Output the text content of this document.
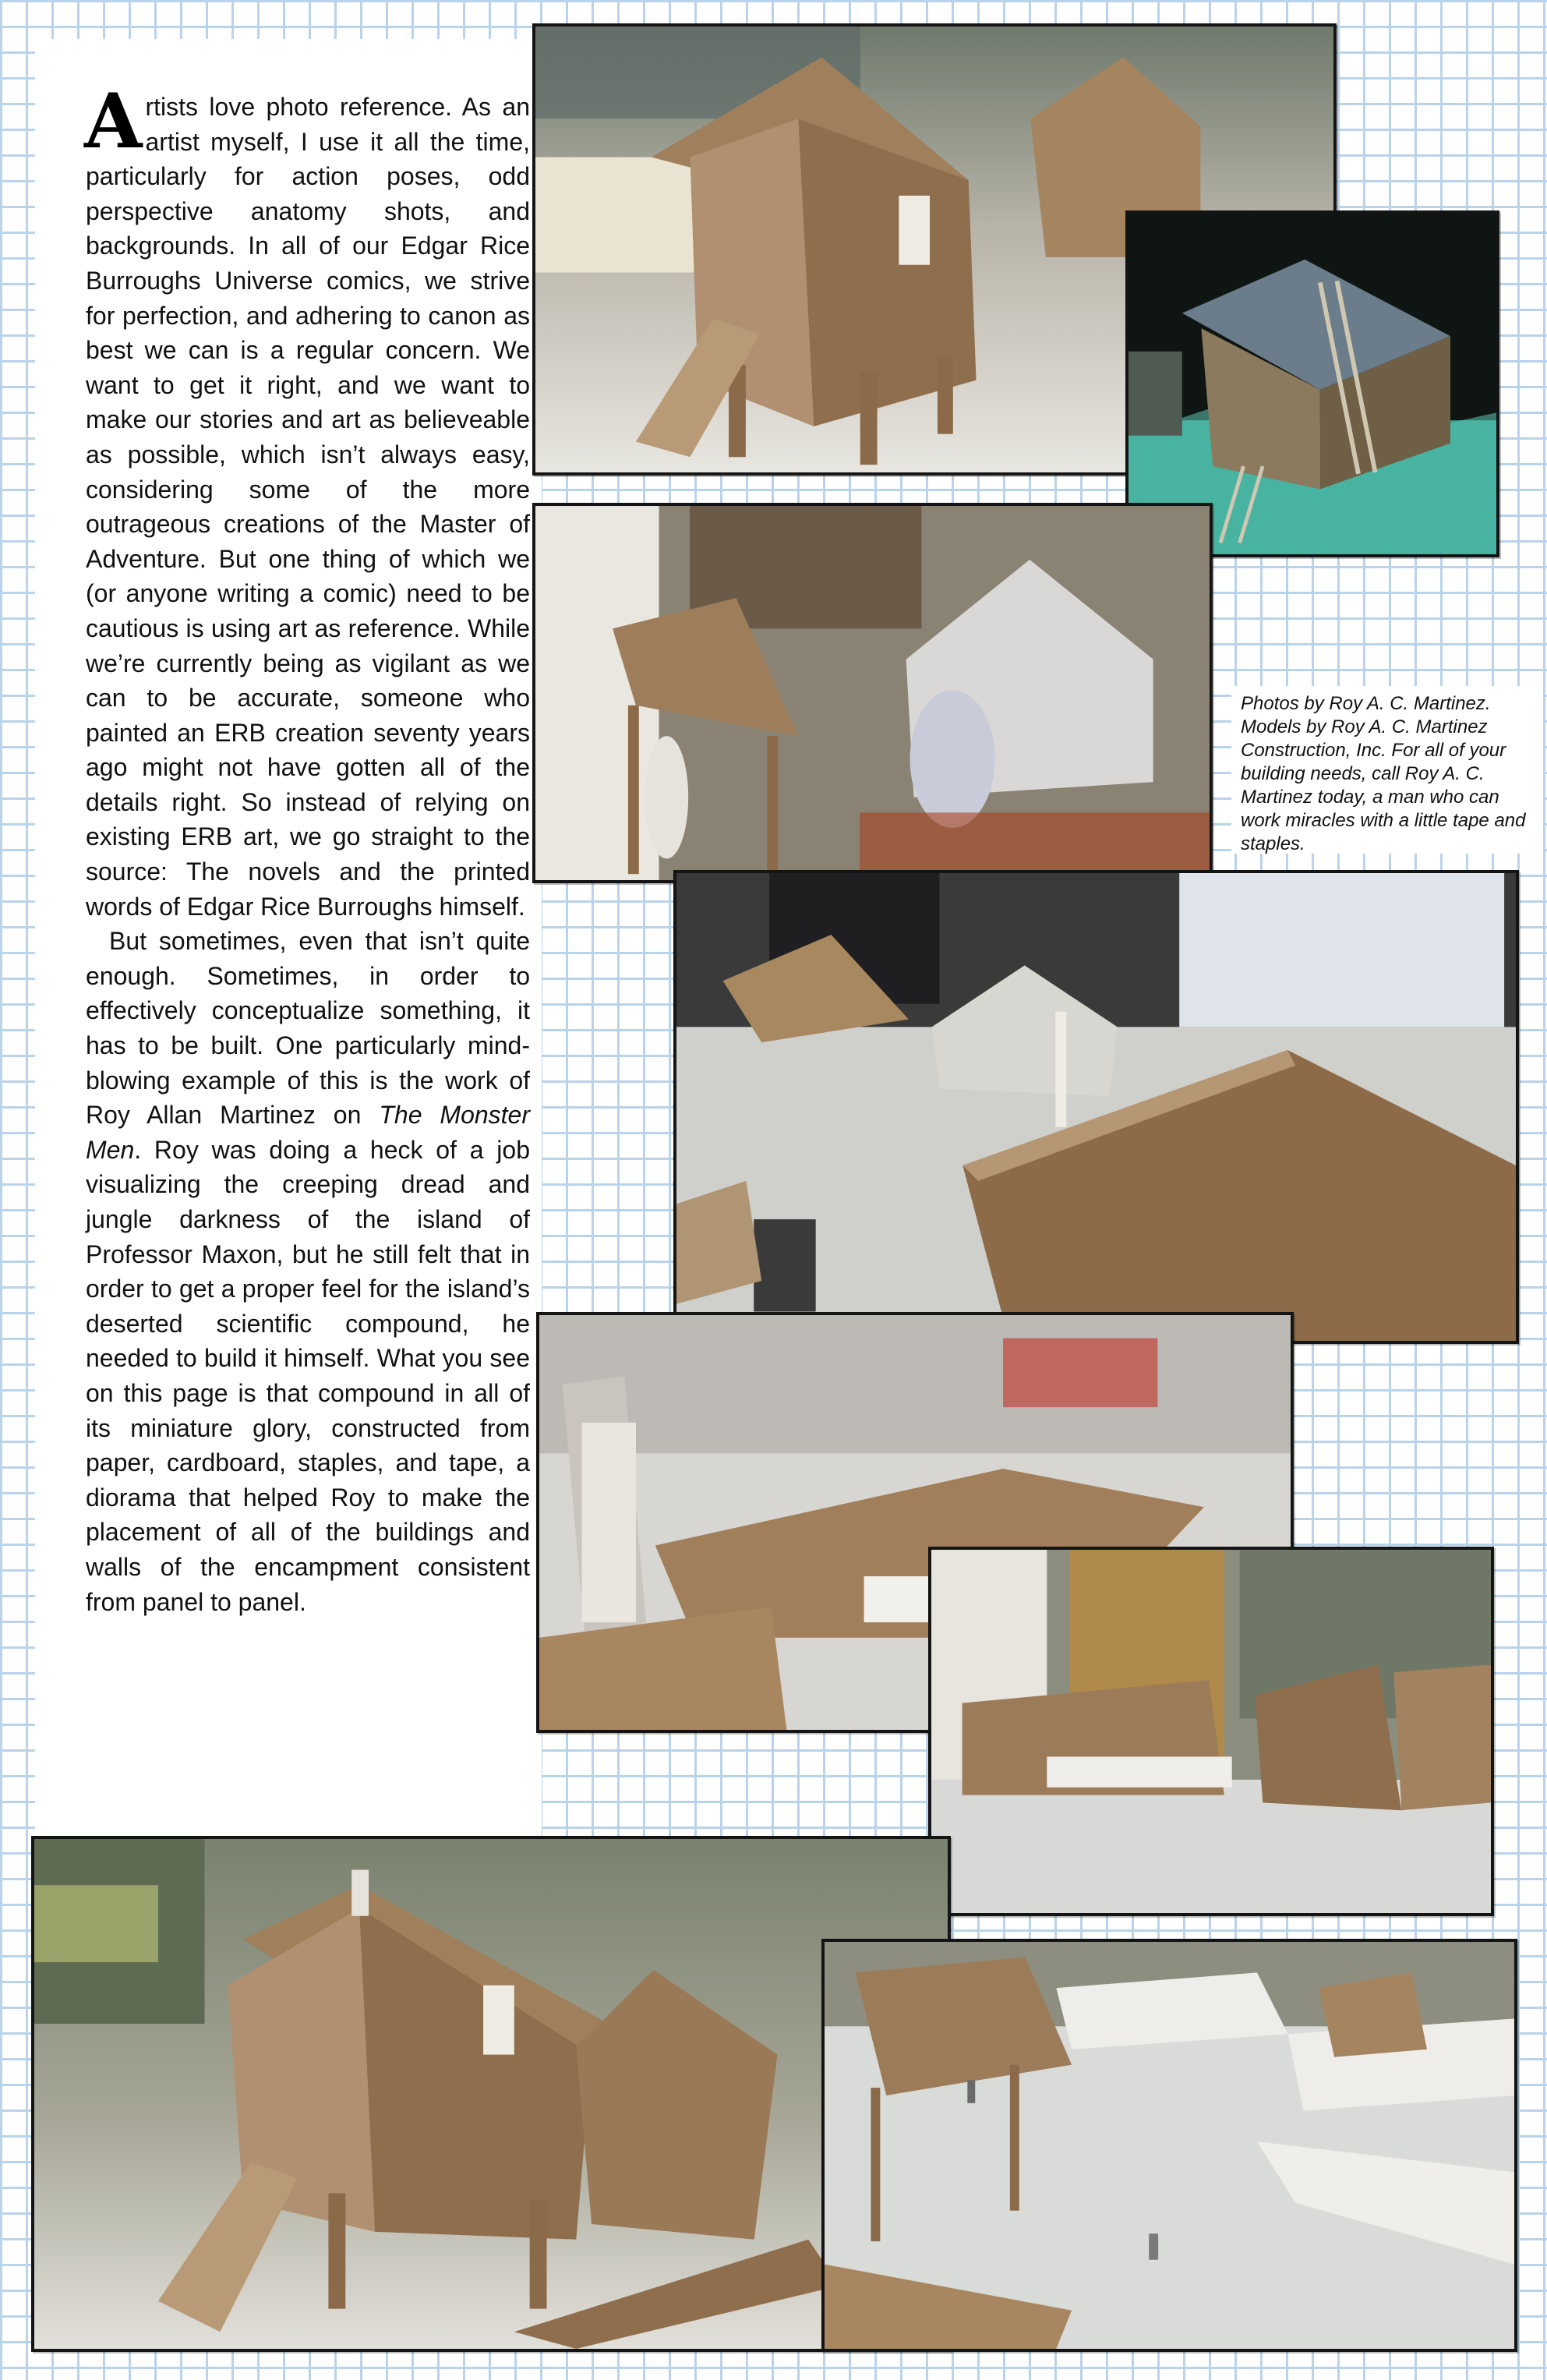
Artists love photo reference. As an artist myself, I use it all the time, particularly for action poses, odd perspective anatomy shots, and backgrounds. In all of our Edgar Rice Burroughs Universe comics, we strive for perfection, and adhering to canon as best we can is a regular concern. We want to get it right, and we want to make our stories and art as believeable as possible, which isn’t always easy, considering some of the more outrageous creations of the Master of Adventure. But one thing of which we (or anyone writing a comic) need to be cautious is using art as reference. While we’re currently being as vigilant as we can to be accurate, someone who painted an ERB creation seventy years ago might not have gotten all of the details right. So instead of relying on existing ERB art, we go straight to the source: The novels and the printed words of Edgar Rice Burroughs himself.

But sometimes, even that isn’t quite enough. Sometimes, in order to effectively conceptualize something, it has to be built. One particularly mind-blowing example of this is the work of Roy Allan Martinez on The Monster Men. Roy was doing a heck of a job visualizing the creeping dread and jungle darkness of the island of Professor Maxon, but he still felt that in order to get a proper feel for the island’s deserted scientific compound, he needed to build it himself. What you see on this page is that compound in all of its miniature glory, constructed from paper, cardboard, staples, and tape, a diorama that helped Roy to make the placement of all of the buildings and walls of the encampment consistent from panel to panel.

Photos by Roy A. C. Martinez. Models by Roy A. C. Martinez Construction, Inc. For all of your building needs, call Roy A. C. Martinez today, a man who can work miracles with a little tape and staples.
